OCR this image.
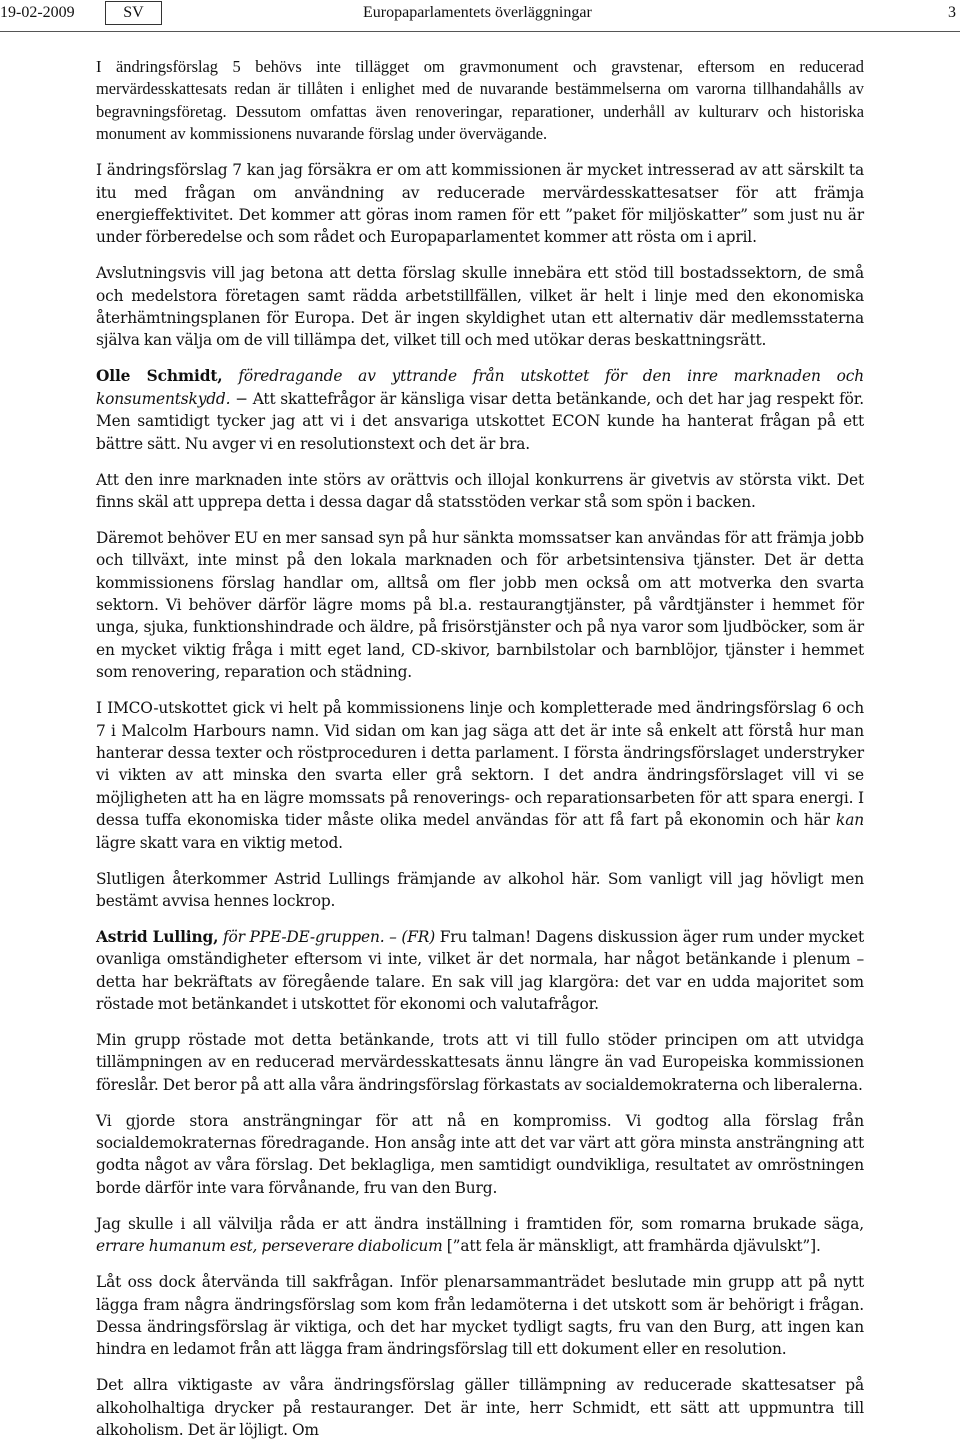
19-02-2009	SV	Europaparlamentets överläggningar	3

I ändringsförslag 5 behövs inte tillägget om gravmonument och gravstenar, eftersom en reducerad mervärdesskattesats redan är tillåten i enlighet med de nuvarande bestämmelserna om varorna tillhandahålls av begravningsföretag. Dessutom omfattas även renoveringar, reparationer, underhåll av kulturarv och historiska monument av kommissionens nuvarande förslag under övervägande.

I ändringsförslag 7 kan jag försäkra er om att kommissionen är mycket intresserad av att särskilt ta itu med frågan om användning av reducerade mervärdesskattesatser för att främja energieffektivitet. Det kommer att göras inom ramen för ett ”paket för miljöskatter” som just nu är under förberedelse och som rådet och Europaparlamentet kommer att rösta om i april.

Avslutningsvis vill jag betona att detta förslag skulle innebära ett stöd till bostadssektorn, de små och medelstora företagen samt rädda arbetstillfällen, vilket är helt i linje med den ekonomiska återhämtningsplanen för Europa. Det är ingen skyldighet utan ett alternativ där medlemsstaterna själva kan välja om de vill tillämpa det, vilket till och med utökar deras beskattningsrätt.

Olle Schmidt, föredragande av yttrande från utskottet för den inre marknaden och konsumentskydd. − Att skattefrågor är känsliga visar detta betänkande, och det har jag respekt för. Men samtidigt tycker jag att vi i det ansvariga utskottet ECON kunde ha hanterat frågan på ett bättre sätt. Nu avger vi en resolutionstext och det är bra.

Att den inre marknaden inte störs av orättvis och illojal konkurrens är givetvis av största vikt. Det finns skäl att upprepa detta i dessa dagar då statsstöden verkar stå som spön i backen.

Däremot behöver EU en mer sansad syn på hur sänkta momssatser kan användas för att främja jobb och tillväxt, inte minst på den lokala marknaden och för arbetsintensiva tjänster. Det är detta kommissionens förslag handlar om, alltså om fler jobb men också om att motverka den svarta sektorn. Vi behöver därför lägre moms på bl.a. restaurangtjänster, på vårdtjänster i hemmet för unga, sjuka, funktionshindrade och äldre, på frisörstjänster och på nya varor som ljudböcker, som är en mycket viktig fråga i mitt eget land, CD-skivor, barnbilstolar och barnblöjor, tjänster i hemmet som renovering, reparation och städning.

I IMCO-utskottet gick vi helt på kommissionens linje och kompletterade med ändringsförslag 6 och 7 i Malcolm Harbours namn. Vid sidan om kan jag säga att det är inte så enkelt att förstå hur man hanterar dessa texter och röstproceduren i detta parlament. I första ändringsförslaget understryker vi vikten av att minska den svarta eller grå sektorn. I det andra ändringsförslaget vill vi se möjligheten att ha en lägre momssats på renoverings- och reparationsarbeten för att spara energi. I dessa tuffa ekonomiska tider måste olika medel användas för att få fart på ekonomin och här kan lägre skatt vara en viktig metod.

Slutligen återkommer Astrid Lullings främjande av alkohol här. Som vanligt vill jag hövligt men bestämt avvisa hennes lockrop.

Astrid Lulling, för PPE-DE-gruppen. – (FR) Fru talman! Dagens diskussion äger rum under mycket ovanliga omständigheter eftersom vi inte, vilket är det normala, har något betänkande i plenum – detta har bekräftats av föregående talare. En sak vill jag klargöra: det var en udda majoritet som röstade mot betänkandet i utskottet för ekonomi och valutafrågor.

Min grupp röstade mot detta betänkande, trots att vi till fullo stöder principen om att utvidga tillämpningen av en reducerad mervärdesskattesats ännu längre än vad Europeiska kommissionen föreslår. Det beror på att alla våra ändringsförslag förkastats av socialdemokraterna och liberalerna.

Vi gjorde stora ansträngningar för att nå en kompromiss. Vi godtog alla förslag från socialdemokraternas föredragande. Hon ansåg inte att det var värt att göra minsta ansträngning att godta något av våra förslag. Det beklagliga, men samtidigt oundvikliga, resultatet av omröstningen borde därför inte vara förvånande, fru van den Burg.

Jag skulle i all välvilja råda er att ändra inställning i framtiden för, som romarna brukade säga, errare humanum est, perseverare diabolicum [”att fela är mänskligt, att framhärda djävulskt”].

Låt oss dock återvända till sakfrågan. Inför plenarsammanträdet beslutade min grupp att på nytt lägga fram några ändringsförslag som kom från ledamöterna i det utskott som är behörigt i frågan. Dessa ändringsförslag är viktiga, och det har mycket tydligt sagts, fru van den Burg, att ingen kan hindra en ledamot från att lägga fram ändringsförslag till ett dokument eller en resolution.

Det allra viktigaste av våra ändringsförslag gäller tillämpning av reducerade skattesatser på alkoholhaltiga drycker på restauranger. Det är inte, herr Schmidt, ett sätt att uppmuntra till alkoholism. Det är löjligt. Om
